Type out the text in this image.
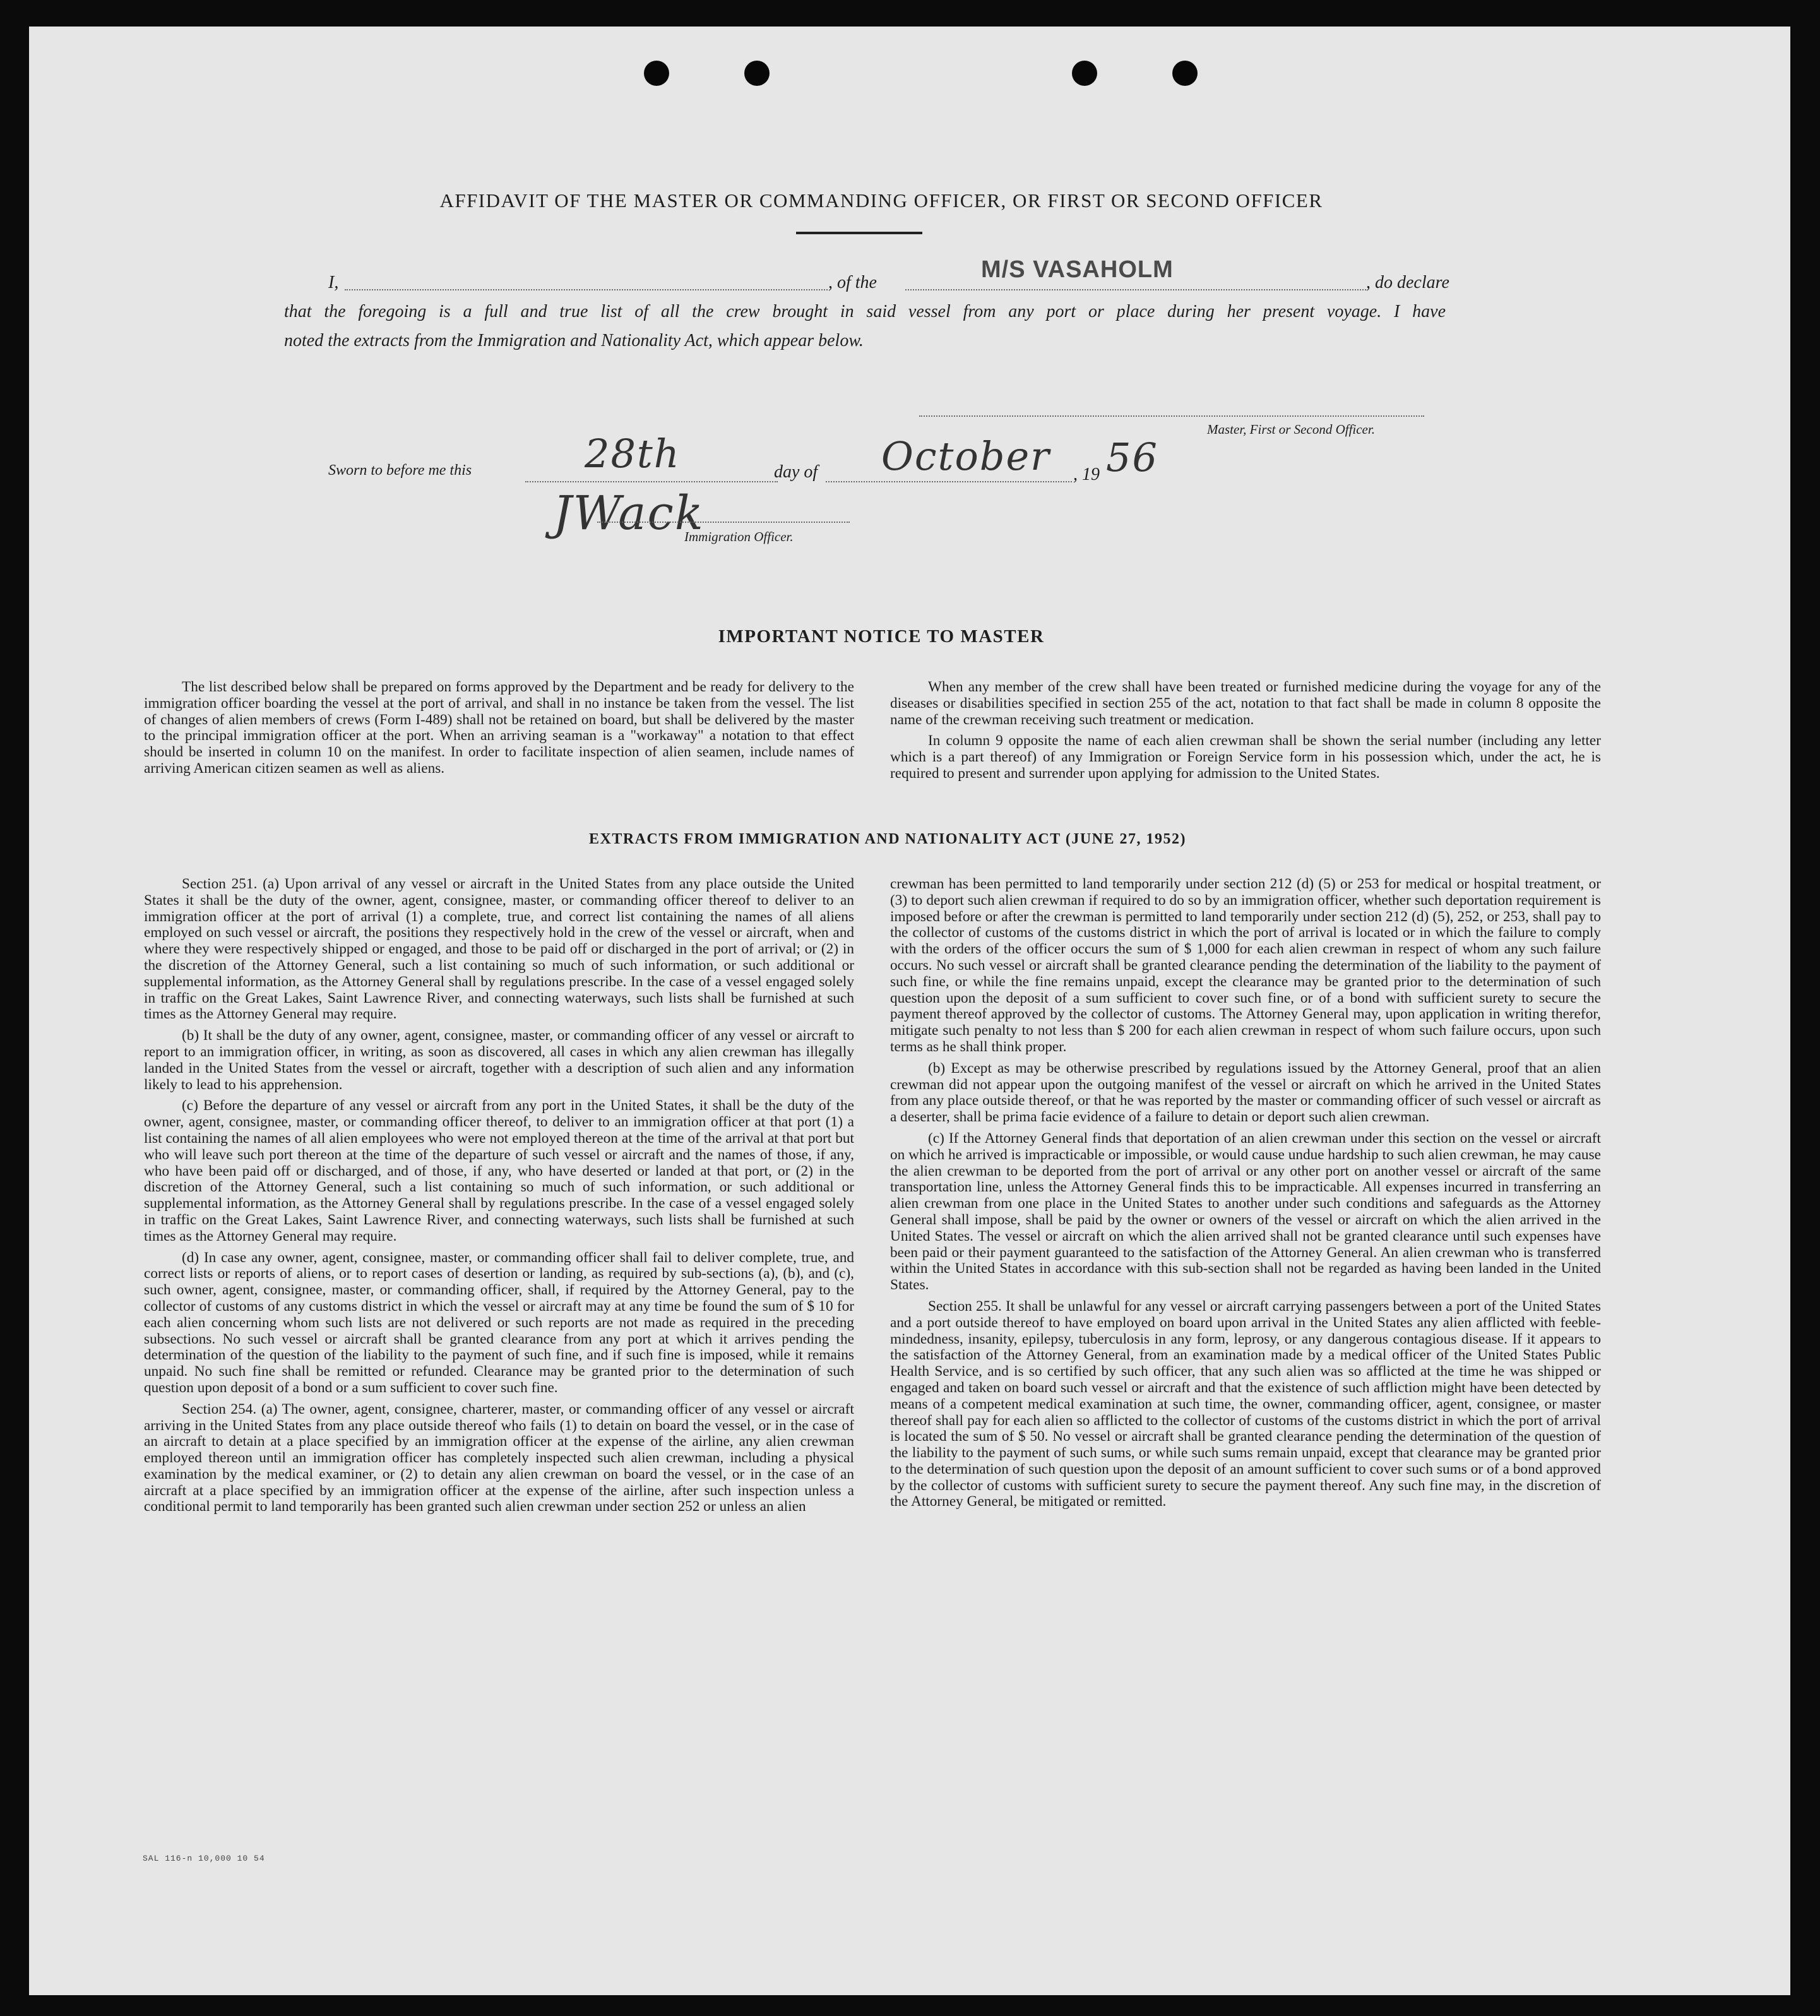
AFFIDAVIT OF THE MASTER OR COMMANDING OFFICER, OR FIRST OR SECOND OFFICER
I,	, of the	M/S VASAHOLM	, do declare
that the foregoing is a full and true list of all the crew brought in said vessel from any port or place during her present voyage. I have
noted the extracts from the Immigration and Nationality Act, which appear below.
Master, First or Second Officer.
Sworn to before me this	28th	day of October , 19 56
JWack
Immigration Officer.
IMPORTANT NOTICE TO MASTER

The list described below shall be prepared on forms approved by the Department and be ready for delivery to the immigration officer boarding the vessel at the port of arrival, and shall in no instance be taken from the vessel. The list of changes of alien members of crews (Form I-489) shall not be retained on board, but shall be delivered by the master to the principal immigration officer at the port. When an arriving seaman is a "workaway" a notation to that effect should be inserted in column 10 on the manifest. In order to facilitate inspection of alien seamen, include names of arriving American citizen seamen as well as aliens.

When any member of the crew shall have been treated or furnished medicine during the voyage for any of the diseases or disabilities specified in section 255 of the act, notation to that fact shall be made in column 8 opposite the name of the crewman receiving such treatment or medication.

In column 9 opposite the name of each alien crewman shall be shown the serial number (including any letter which is a part thereof) of any Immigration or Foreign Service form in his possession which, under the act, he is required to present and surrender upon applying for admission to the United States.

EXTRACTS FROM IMMIGRATION AND NATIONALITY ACT (JUNE 27, 1952)

Section 251. (a) Upon arrival of any vessel or aircraft in the United States from any place outside the United States it shall be the duty of the owner, agent, consignee, master, or commanding officer thereof to deliver to an immigration officer at the port of arrival (1) a complete, true, and correct list containing the names of all aliens employed on such vessel or aircraft, the positions they respectively hold in the crew of the vessel or aircraft, when and where they were respectively shipped or engaged, and those to be paid off or discharged in the port of arrival; or (2) in the discretion of the Attorney General, such a list containing so much of such information, or such additional or supplemental information, as the Attorney General shall by regulations prescribe. In the case of a vessel engaged solely in traffic on the Great Lakes, Saint Lawrence River, and connecting waterways, such lists shall be furnished at such times as the Attorney General may require.

(b) It shall be the duty of any owner, agent, consignee, master, or commanding officer of any vessel or aircraft to report to an immigration officer, in writing, as soon as discovered, all cases in which any alien crewman has illegally landed in the United States from the vessel or aircraft, together with a description of such alien and any information likely to lead to his apprehension.

(c) Before the departure of any vessel or aircraft from any port in the United States, it shall be the duty of the owner, agent, consignee, master, or commanding officer thereof, to deliver to an immigration officer at that port (1) a list containing the names of all alien employees who were not employed thereon at the time of the arrival at that port but who will leave such port thereon at the time of the departure of such vessel or aircraft and the names of those, if any, who have been paid off or discharged, and of those, if any, who have deserted or landed at that port, or (2) in the discretion of the Attorney General, such a list containing so much of such information, or such additional or supplemental information, as the Attorney General shall by regulations prescribe. In the case of a vessel engaged solely in traffic on the Great Lakes, Saint Lawrence River, and connecting waterways, such lists shall be furnished at such times as the Attorney General may require.

(d) In case any owner, agent, consignee, master, or commanding officer shall fail to deliver complete, true, and correct lists or reports of aliens, or to report cases of desertion or landing, as required by sub-sections (a), (b), and (c), such owner, agent, consignee, master, or commanding officer, shall, if required by the Attorney General, pay to the collector of customs of any customs district in which the vessel or aircraft may at any time be found the sum of $ 10 for each alien concerning whom such lists are not delivered or such reports are not made as required in the preceding subsections. No such vessel or aircraft shall be granted clearance from any port at which it arrives pending the determination of the question of the liability to the payment of such fine, and if such fine is imposed, while it remains unpaid. No such fine shall be remitted or refunded. Clearance may be granted prior to the determination of such question upon deposit of a bond or a sum sufficient to cover such fine.

Section 254. (a) The owner, agent, consignee, charterer, master, or commanding officer of any vessel or aircraft arriving in the United States from any place outside thereof who fails (1) to detain on board the vessel, or in the case of an aircraft to detain at a place specified by an immigration officer at the expense of the airline, any alien crewman employed thereon until an immigration officer has completely inspected such alien crewman, including a physical examination by the medical examiner, or (2) to detain any alien crewman on board the vessel, or in the case of an aircraft at a place specified by an immigration officer at the expense of the airline, after such inspection unless a conditional permit to land temporarily has been granted such alien crewman under section 252 or unless an alien

crewman has been permitted to land temporarily under section 212 (d) (5) or 253 for medical or hospital treatment, or (3) to deport such alien crewman if required to do so by an immigration officer, whether such deportation requirement is imposed before or after the crewman is permitted to land temporarily under section 212 (d) (5), 252, or 253, shall pay to the collector of customs of the customs district in which the port of arrival is located or in which the failure to comply with the orders of the officer occurs the sum of $ 1,000 for each alien crewman in respect of whom any such failure occurs. No such vessel or aircraft shall be granted clearance pending the determination of the liability to the payment of such fine, or while the fine remains unpaid, except the clearance may be granted prior to the determination of such question upon the deposit of a sum sufficient to cover such fine, or of a bond with sufficient surety to secure the payment thereof approved by the collector of customs. The Attorney General may, upon application in writing therefor, mitigate such penalty to not less than $ 200 for each alien crewman in respect of whom such failure occurs, upon such terms as he shall think proper.

(b) Except as may be otherwise prescribed by regulations issued by the Attorney General, proof that an alien crewman did not appear upon the outgoing manifest of the vessel or aircraft on which he arrived in the United States from any place outside thereof, or that he was reported by the master or commanding officer of such vessel or aircraft as a deserter, shall be prima facie evidence of a failure to detain or deport such alien crewman.

(c) If the Attorney General finds that deportation of an alien crewman under this section on the vessel or aircraft on which he arrived is impracticable or impossible, or would cause undue hardship to such alien crewman, he may cause the alien crewman to be deported from the port of arrival or any other port on another vessel or aircraft of the same transportation line, unless the Attorney General finds this to be impracticable. All expenses incurred in transferring an alien crewman from one place in the United States to another under such conditions and safeguards as the Attorney General shall impose, shall be paid by the owner or owners of the vessel or aircraft on which the alien arrived in the United States. The vessel or aircraft on which the alien arrived shall not be granted clearance until such expenses have been paid or their payment guaranteed to the satisfaction of the Attorney General. An alien crewman who is transferred within the United States in accordance with this sub-section shall not be regarded as having been landed in the United States.

Section 255. It shall be unlawful for any vessel or aircraft carrying passengers between a port of the United States and a port outside thereof to have employed on board upon arrival in the United States any alien afflicted with feeble-mindedness, insanity, epilepsy, tuberculosis in any form, leprosy, or any dangerous contagious disease. If it appears to the satisfaction of the Attorney General, from an examination made by a medical officer of the United States Public Health Service, and is so certified by such officer, that any such alien was so afflicted at the time he was shipped or engaged and taken on board such vessel or aircraft and that the existence of such affliction might have been detected by means of a competent medical examination at such time, the owner, commanding officer, agent, consignee, or master thereof shall pay for each alien so afflicted to the collector of customs of the customs district in which the port of arrival is located the sum of $ 50. No vessel or aircraft shall be granted clearance pending the determination of the question of the liability to the payment of such sums, or while such sums remain unpaid, except that clearance may be granted prior to the determination of such question upon the deposit of an amount sufficient to cover such sums or of a bond approved by the collector of customs with sufficient surety to secure the payment thereof. Any such fine may, in the discretion of the Attorney General, be mitigated or remitted.

SAL 116-n 10,000 10 54
